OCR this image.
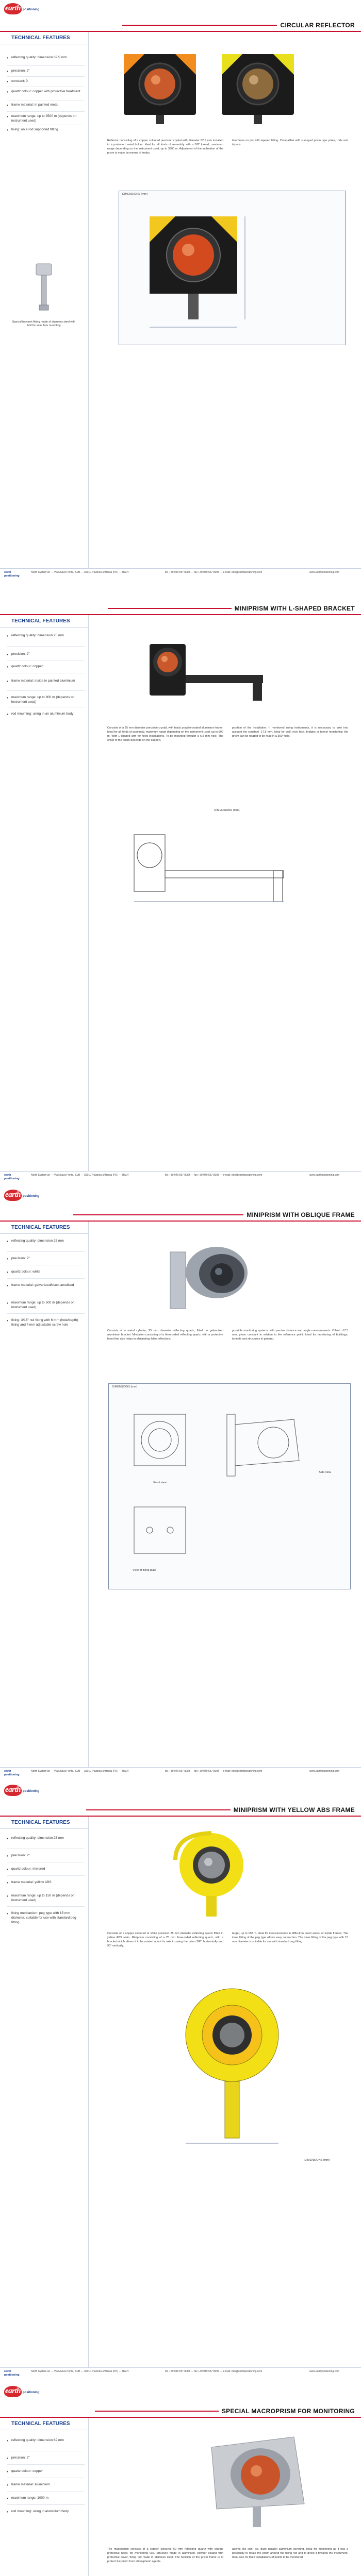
earth positioning
CIRCULAR REFLECTOR
TECHNICAL FEATURES
• reflecting quality: dimension 62.5 mm
• precision: 2"
• constant: 0
• quartz colour: copper with protective treatment
• frame material: in painted metal
• maximum range: up to 3500 m (depends on instrument used)
• fixing: on a rod supported fitting
Special bayonet fitting made of stainless steel with bolt for safe floor mounting
Reflector consisting of a copper coloured precision crystal with diameter 62.5 mm installed in a protected metal holder. Ideal for all kinds of assembly with a 5/8" thread, maximum range depending on the instrument used, up to 3500 m. Adjustment of the inclination of the prism is made by means of knobs.
Interfaces on pin with tapered fitting. Compatible with surveyed prism type poles, rods and tripods.
DIMENSIONS (mm)
earth
positioning
North System srl — Via Nuova Ponte, 81/B — 35010 Piazzola s/Brenta (PD) — ITALY	tel. +39 049 557 8088 — fax +39 049 557 8093 — e-mail: info@earthpositioning.com	www.earthpositioning.com
MINIPRISM WITH L-SHAPED BRACKET
TECHNICAL FEATURES
• reflecting quality: dimension 25 mm
• precision: 2"
• quartz colour: copper
• frame material: inside in painted aluminium
• maximum range: up to 800 m (depends on instrument used)
• rod mounting: using in an aluminium body
Consists of a 25 mm diameter precision crystal, with black powder-coated aluminium frame. Ideal for all kinds of assembly, maximum range depending on the instrument used, up to 800 m. With L-shaped arm for fixed installations. To be mounted through a 6.5 mm hole. The offset of the prism depends on the support.
position of the installation. If monitored using instruments, it is necessary to take into account the constant -17.5 mm. Ideal for wall, rock face, bridges or tunnel monitoring: the prism can be rotated to be read in a 360° field.
DIMENSIONS (mm)
earth
positioning
North System srl — Via Nuova Ponte, 81/B — 35010 Piazzola s/Brenta (PD) — ITALY	tel. +39 049 557 8088 — fax +39 049 557 8093 — e-mail: info@earthpositioning.com	www.earthpositioning.com
earth positioning
MINIPRISM WITH OBLIQUE FRAME
TECHNICAL FEATURES
• reflecting quality: dimension 25 mm
• precision: 2"
• quartz colour: white
• frame material: galvanized/black anodised
• maximum range: up to 500 m (depends on instrument used)
• fixing: 3/16" nut fixing with 6 mm (hole/depth) fixing and 4 mm adjustable screw hole
Consists of a metal cylinder, 25 mm diameter reflecting quartz, fitted on galvanized aluminium bracket. Miniprism consisting of a three-sided reflecting quartz, with a protective hood that also helps in eliminating false reflections.
possible monitoring systems with precise distance and angle measurements. Offset: -17.5 mm, prism constant in relation to the reference point. Ideal for monitoring of buildings, tunnels and structures in general.
DIMENSIONS (mm)
Front view
Side view
View of fixing plate
earth
positioning
North System srl — Via Nuova Ponte, 81/B — 35010 Piazzola s/Brenta (PD) — ITALY	tel. +39 049 557 8088 — fax +39 049 557 8093 — e-mail: info@earthpositioning.com	www.earthpositioning.com
earth positioning
MINIPRISM WITH YELLOW ABS FRAME
TECHNICAL FEATURES
• reflecting quality: dimension 25 mm
• precision: 2"
• quartz colour: mirrored
• frame material: yellow ABS
• maximum range: up to 150 m (depends on instrument used)
• fixing mechanism: peg type with 15 mm diameter, suitable for use with standard peg fitting
Consists of a copper coloured or white precision 25 mm diameter reflecting quartz fitted in yellow ABS resin. Miniprism consisting of a 25 mm three-sided reflecting quartz, with a bracket which allows it to be rotated about its axis to swing the prism 360° horizontally and 90° vertically.
target, up to 150 m. Ideal for measurements in difficult to reach areas, or inside frames. The inner fitting of the peg type allows easy connection. The inner fitting of the peg type with 15 mm diameter is suitable for use with standard peg fitting.
DIMENSIONS (mm)
earth
positioning
North System srl — Via Nuova Ponte, 81/B — 35010 Piazzola s/Brenta (PD) — ITALY	tel. +39 049 557 8088 — fax +39 049 557 8093 — e-mail: info@earthpositioning.com	www.earthpositioning.com
earth positioning
SPECIAL MACROPRISM FOR MONITORING
TECHNICAL FEATURES
• reflecting quality: dimension 62 mm
• precision: 2"
• quartz colour: copper
• frame material: aluminium
• maximum range: 1000 m
• rod mounting: using in aluminium body
The macroprism consists of a copper coloured 62 mm reflecting quartz with orange protective hood, for monitoring use. Structure made in aluminium, powder coated with protective cover, fixing rod made in stainless steel. The function of the prism frame is to protect the prism from atmospheric agents.
agents like rain, ice, dust; parallel aluminium covering. Ideal for monitoring as it has a possibility to rotate the prism around the fixing rod and to direct it towards the instrument. Ideal also for fixed installations of points to be monitored.
